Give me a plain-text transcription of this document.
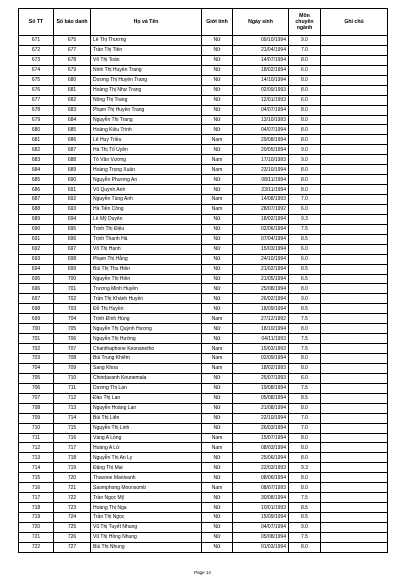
Số TT	Số báo danh	Họ và Tên	Giới tính	Ngày sinh	Môn chuyên ngành	Ghi chú
671	675	Lê Thị Thương	Nữ	09/10/1994	9.0	
672	677	Trần Thị Tiền	Nữ	21/04/1994	7.0	
673	678	Võ Thị Toán	Nữ	14/07/1994	8.0	
674	679	Ninh Thị Huyền Trang	Nữ	18/02/1994	6.0	
675	680	Dương Thị Huyền Trang	Nữ	14/10/1994	8.0	
676	681	Hoàng Thị Như Trang	Nữ	02/09/1993	8.0	
677	682	Nông Thị Trang	Nữ	12/01/1993	6.0	
678	683	Phạm Thị Huyền Trang	Nữ	04/07/1994	8.0	
679	684	Nguyễn Thị Trang	Nữ	13/10/1993	8.0	
680	685	Hoàng Kiều Trinh	Nữ	04/07/1994	8.0	
681	686	Lê Huy Triều	Nam	29/08/1994	8.0	
682	687	Hà Thị Tố Uyên	Nữ	20/05/1994	9.0	
683	688	Tô Văn Vương	Nam	17/10/1993	9.0	
684	689	Hoàng Trọng Xuân	Nam	23/10/1994	8.0	
685	690	Nguyễn Phương An	Nữ	08/11/1994	8.0	
686	691	Vũ Quỳnh Anh	Nữ	23/11/1994	8.0	
687	692	Nguyễn Tùng Anh	Nam	14/08/1993	7.0	
688	693	Hà Tiến Công	Nam	28/07/1992	6.0	
689	694	Lê Mỹ Duyên	Nữ	18/02/1994	9.3	
690	695	Trịnh Thị Điệu	Nữ	02/06/1994	7.5	
691	696	Trịnh Thanh Hà	Nữ	07/04/1994	8.5	
692	697	Võ Thị Hạnh	Nữ	15/03/1994	6.0	
693	698	Phạm Thị Hằng	Nữ	24/10/1994	6.0	
694	699	Bùi Thị Thu Hiền	Nữ	21/02/1994	8.5	
695	700	Nguyễn Thị Hiền	Nữ	21/05/1994	6.5	
696	701	Trương Minh Huyền	Nữ	25/08/1994	8.0	
697	702	Trần Thị Khánh Huyền	Nữ	26/02/1994	9.0	
698	703	Đỗ Thị Huyền	Nữ	18/09/1994	8.5	
699	704	Trịnh Đình Hùng	Nam	27/12/1992	7.5	
700	705	Nguyễn Thị Quỳnh Hương	Nữ	18/10/1994	8.0	
701	706	Nguyễn Thị Hường	Nữ	04/11/1993	7.5	
702	707	Chanthaphone Keonanetho	Nam	15/03/1993	7.5	
703	708	Bùi Trung Khiêm	Nam	02/09/1994	8.0	
704	709	Sang Khoa	Nam	18/02/1993	8.0	
705	710	Chindavanh Kounemala	Nữ	25/07/1993	6.0	
706	711	Dương Thị Lan	Nữ	19/08/1994	7.5	
707	712	Đào Thị Lan	Nữ	05/08/1994	8.5	
708	713	Nguyễn Hoàng Lan	Nữ	21/08/1994	8.0	
709	714	Bùi Thị Liên	Nữ	22/10/1994	7.0	
710	715	Nguyễn Thị Linh	Nữ	26/03/1994	7.0	
711	716	Vàng A Lồng	Nam	15/07/1994	8.0	
712	717	Hoàng A Lử	Nam	08/03/1994	8.0	
713	718	Nguyễn Thị An Ly	Nữ	25/06/1994	8.0	
714	719	Đặng Thị Mai	Nữ	22/03/1993	9.3	
715	720	Thavone Manivanh	Nữ	08/06/1994	8.0	
716	721	Saomphong Moonsomb	Nam	08/07/1993	8.0	
717	722	Trần Ngọc Mỹ	Nữ	30/08/1994	7.5	
718	723	Hoàng Thị Nga	Nữ	10/01/1993	8.5	
719	724	Trần Thị Ngọc	Nữ	15/09/1994	8.5	
720	725	Vũ Thị Tuyết Nhung	Nữ	04/07/1994	9.0	
721	726	Vũ Thị Hồng Nhung	Nữ	05/08/1994	7.5	
722	727	Bùi Thị Nhung	Nữ	01/03/1994	8.0	
Page 14
